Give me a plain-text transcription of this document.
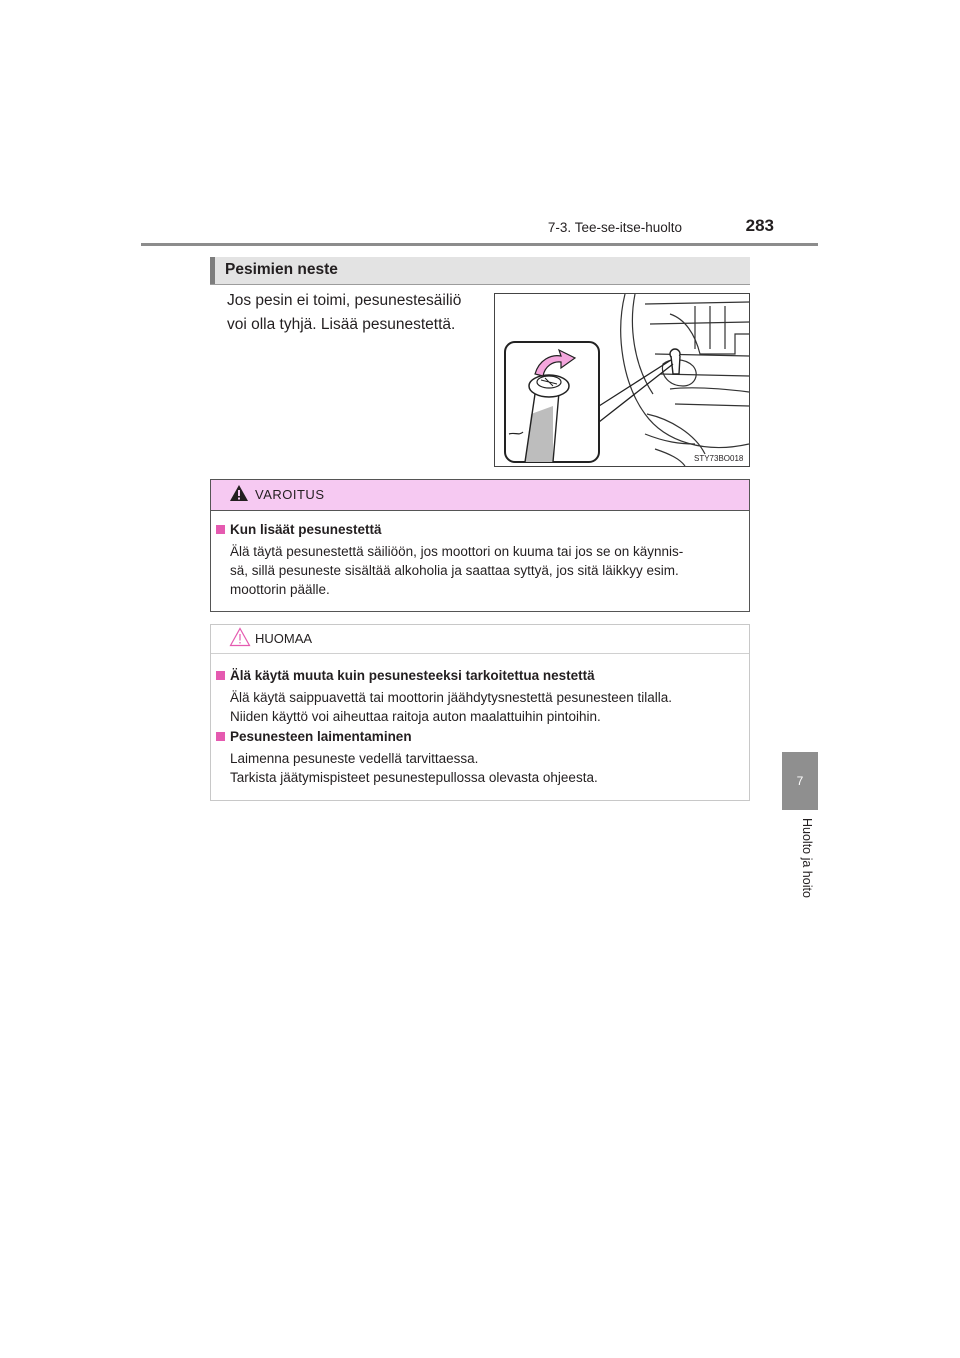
7-3. Tee-se-itse-huolto	283
7
Huolto ja hoito
Pesimien neste
Jos pesin ei toimi, pesunestesäiliö
voi olla tyhjä. Lisää pesunestettä.
STY73BO018
VAROITUS
Kun lisäät pesunestettä
Älä täytä pesunestettä säiliöön, jos moottori on kuuma tai jos se on käynnis-
sä, sillä pesuneste sisältää alkoholia ja saattaa syttyä, jos sitä läikkyy esim.
moottorin päälle.
HUOMAA
Älä käytä muuta kuin pesunesteeksi tarkoitettua nestettä
Älä käytä saippuavettä tai moottorin jäähdytysnestettä pesunesteen tilalla.
Niiden käyttö voi aiheuttaa raitoja auton maalattuihin pintoihin.
Pesunesteen laimentaminen
Laimenna pesuneste vedellä tarvittaessa.
Tarkista jäätymispisteet pesunestepullossa olevasta ohjeesta.
